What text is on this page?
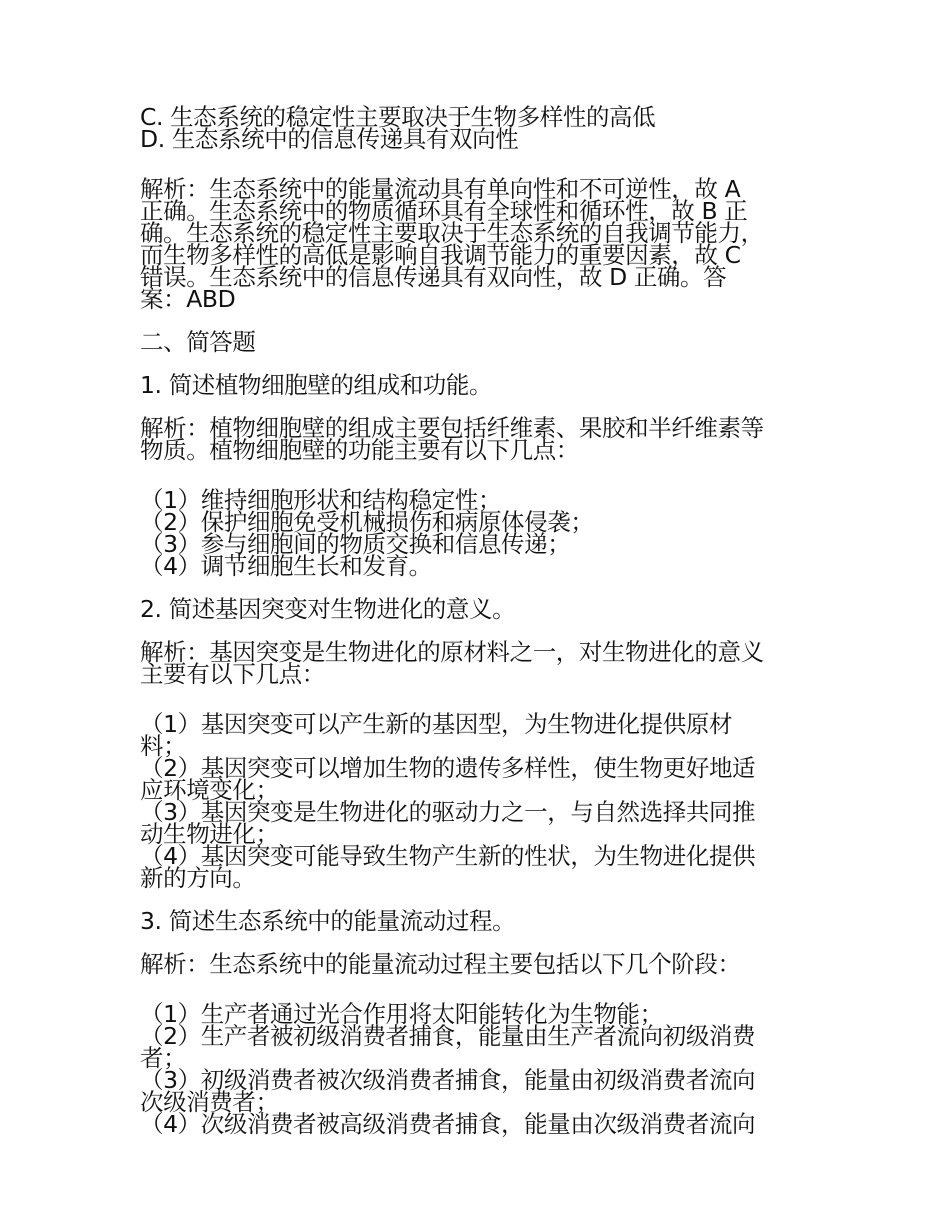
C. 生态系统的稳定性主要取决于生物多样性的高低
D. 生态系统中的信息传递具有双向性
解析：生态系统中的能量流动具有单向性和不可逆性，故 A
正确。生态系统中的物质循环具有全球性和循环性，故 B 正
确。生态系统的稳定性主要取决于生态系统的自我调节能力，
而生物多样性的高低是影响自我调节能力的重要因素，故 C
错误。生态系统中的信息传递具有双向性，故 D 正确。答
案：ABD
二、简答题
1. 简述植物细胞壁的组成和功能。
解析：植物细胞壁的组成主要包括纤维素、果胶和半纤维素等
物质。植物细胞壁的功能主要有以下几点：
（1）维持细胞形状和结构稳定性；
（2）保护细胞免受机械损伤和病原体侵袭；
（3）参与细胞间的物质交换和信息传递；
（4）调节细胞生长和发育。
2. 简述基因突变对生物进化的意义。
解析：基因突变是生物进化的原材料之一，对生物进化的意义
主要有以下几点：
（1）基因突变可以产生新的基因型，为生物进化提供原材
料；
（2）基因突变可以增加生物的遗传多样性，使生物更好地适
应环境变化；
（3）基因突变是生物进化的驱动力之一，与自然选择共同推
动生物进化；
（4）基因突变可能导致生物产生新的性状，为生物进化提供
新的方向。
3. 简述生态系统中的能量流动过程。
解析：生态系统中的能量流动过程主要包括以下几个阶段：
（1）生产者通过光合作用将太阳能转化为生物能；
（2）生产者被初级消费者捕食，能量由生产者流向初级消费
者；
（3）初级消费者被次级消费者捕食，能量由初级消费者流向
次级消费者；
（4）次级消费者被高级消费者捕食，能量由次级消费者流向
